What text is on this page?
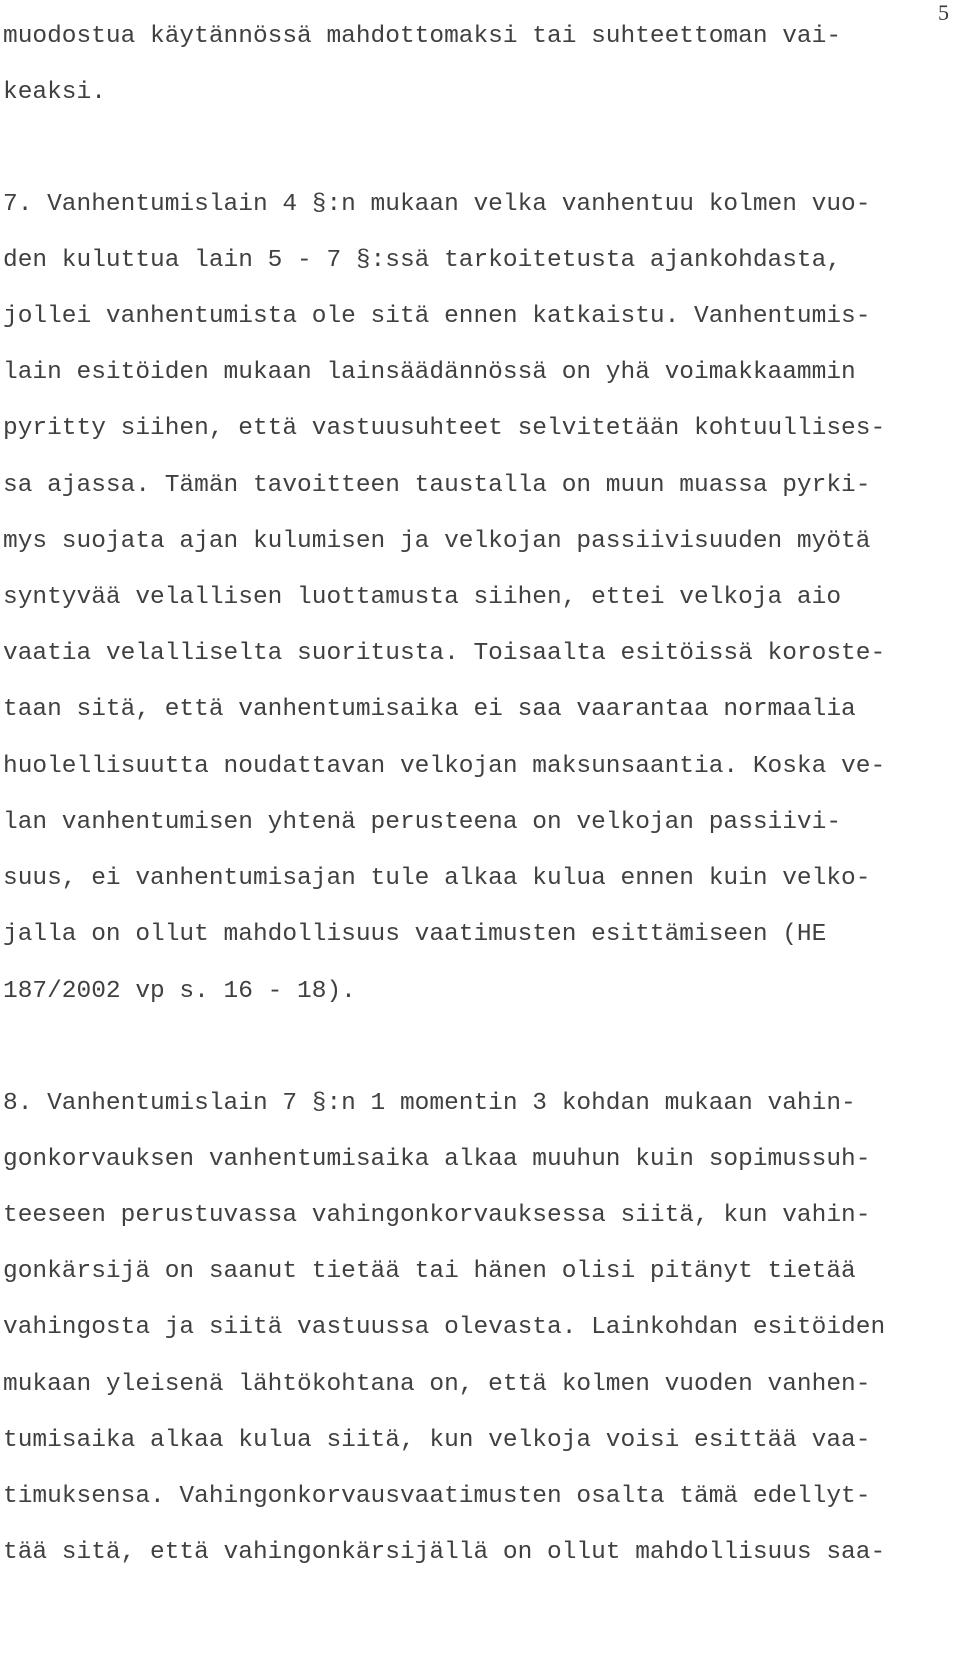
5
muodostua käytännössä mahdottomaksi tai suhteettoman vai-
keaksi.
7. Vanhentumislain 4 §:n mukaan velka vanhentuu kolmen vuo-
den kuluttua lain 5 - 7 §:ssä tarkoitetusta ajankohdasta,
jollei vanhentumista ole sitä ennen katkaistu. Vanhentumis-
lain esitöiden mukaan lainsäädännössä on yhä voimakkaammin
pyritty siihen, että vastuusuhteet selvitetään kohtuullises-
sa ajassa. Tämän tavoitteen taustalla on muun muassa pyrki-
mys suojata ajan kulumisen ja velkojan passiivisuuden myötä
syntyvää velallisen luottamusta siihen, ettei velkoja aio
vaatia velalliselta suoritusta. Toisaalta esitöissä koroste-
taan sitä, että vanhentumisaika ei saa vaarantaa normaalia
huolellisuutta noudattavan velkojan maksunsaantia. Koska ve-
lan vanhentumisen yhtenä perusteena on velkojan passiivi-
suus, ei vanhentumisajan tule alkaa kulua ennen kuin velko-
jalla on ollut mahdollisuus vaatimusten esittämiseen (HE
187/2002 vp s. 16 - 18).
8. Vanhentumislain 7 §:n 1 momentin 3 kohdan mukaan vahin-
gonkorvauksen vanhentumisaika alkaa muuhun kuin sopimussuh-
teeseen perustuvassa vahingonkorvauksessa siitä, kun vahin-
gonkärsijä on saanut tietää tai hänen olisi pitänyt tietää
vahingosta ja siitä vastuussa olevasta. Lainkohdan esitöiden
mukaan yleisenä lähtökohtana on, että kolmen vuoden vanhen-
tumisaika alkaa kulua siitä, kun velkoja voisi esittää vaa-
timuksensa. Vahingonkorvausvaatimusten osalta tämä edellyt-
tää sitä, että vahingonkärsijällä on ollut mahdollisuus saa-
